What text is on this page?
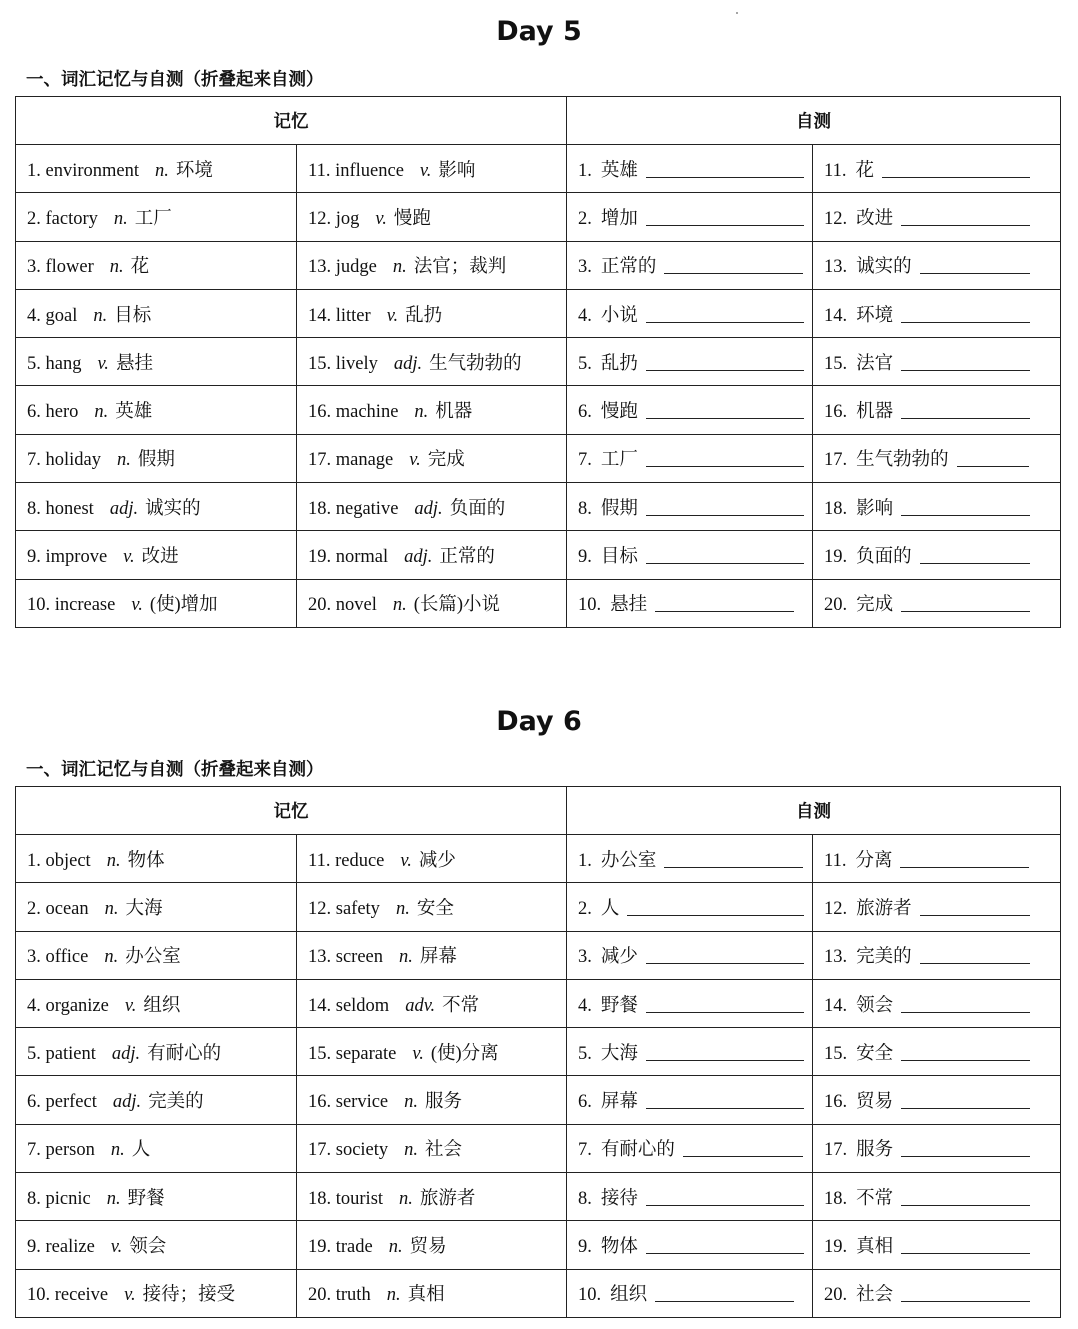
Day 5
一、词汇记忆与自测（折叠起来自测）
记忆		自测	
1. environment n. 环境	11. influence v. 影响	1. 英雄	11. 花
2. factory n. 工厂	12. jog v. 慢跑	2. 增加	12. 改进
3. flower n. 花	13. judge n. 法官；裁判	3. 正常的	13. 诚实的
4. goal n. 目标	14. litter v. 乱扔	4. 小说	14. 环境
5. hang v. 悬挂	15. lively adj. 生气勃勃的	5. 乱扔	15. 法官
6. hero n. 英雄	16. machine n. 机器	6. 慢跑	16. 机器
7. holiday n. 假期	17. manage v. 完成	7. 工厂	17. 生气勃勃的
8. honest adj. 诚实的	18. negative adj. 负面的	8. 假期	18. 影响
9. improve v. 改进	19. normal adj. 正常的	9. 目标	19. 负面的
10. increase v. (使)增加	20. novel n. (长篇)小说	10. 悬挂	20. 完成
Day 6
一、词汇记忆与自测（折叠起来自测）
记忆		自测	
1. object n. 物体	11. reduce v. 减少	1. 办公室	11. 分离
2. ocean n. 大海	12. safety n. 安全	2. 人	12. 旅游者
3. office n. 办公室	13. screen n. 屏幕	3. 减少	13. 完美的
4. organize v. 组织	14. seldom adv. 不常	4. 野餐	14. 领会
5. patient adj. 有耐心的	15. separate v. (使)分离	5. 大海	15. 安全
6. perfect adj. 完美的	16. service n. 服务	6. 屏幕	16. 贸易
7. person n. 人	17. society n. 社会	7. 有耐心的	17. 服务
8. picnic n. 野餐	18. tourist n. 旅游者	8. 接待	18. 不常
9. realize v. 领会	19. trade n. 贸易	9. 物体	19. 真相
10. receive v. 接待；接受	20. truth n. 真相	10. 组织	20. 社会
